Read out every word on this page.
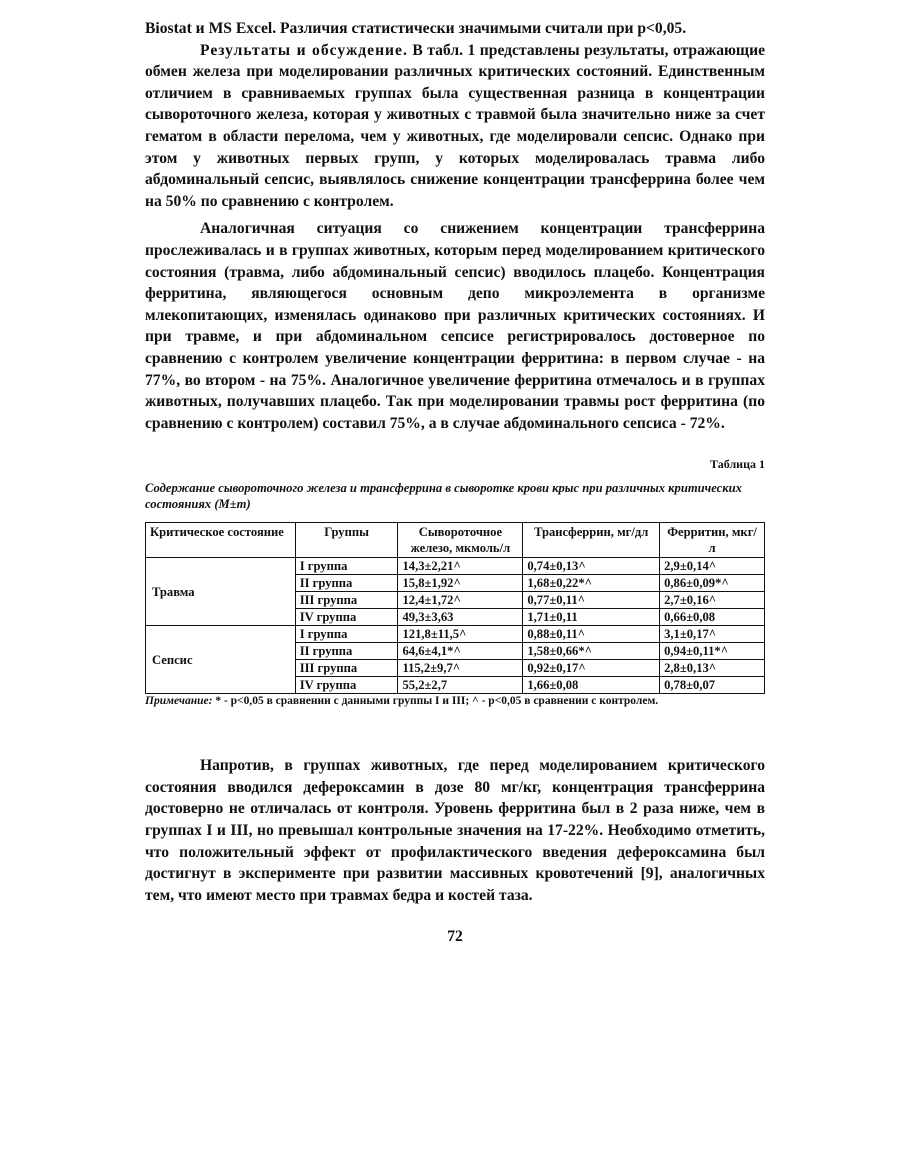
Biostat и MS Excel. Различия статистически значимыми считали при p<0,05.

Результаты и обсуждение. В табл. 1 представлены результаты, отражающие обмен железа при моделировании различных критических состояний. Единственным отличием в сравниваемых группах была существенная разница в концентрации сывороточного железа, которая у животных с травмой была значительно ниже за счет гематом в области перелома, чем у животных, где моделировали сепсис. Однако при этом у животных первых групп, у которых моделировалась травма либо абдоминальный сепсис, выявлялось снижение концентрации трансферрина более чем на 50% по сравнению с контролем.

Аналогичная ситуация со снижением концентрации трансферрина прослеживалась и в группах животных, которым перед моделированием критического состояния (травма, либо абдоминальный сепсис) вводилось плацебо. Концентрация ферритина, являющегося основным депо микроэлемента в организме млекопитающих, изменялась одинаково при различных критических состояниях. И при травме, и при абдоминальном сепсисе регистрировалось достоверное по сравнению с контролем увеличение концентрации ферритина: в первом случае - на 77%, во втором - на 75%. Аналогичное увеличение ферритина отмечалось и в группах животных, получавших плацебо. Так при моделировании травмы рост ферритина (по сравнению с контролем) составил 75%, а в случае абдоминального сепсиса - 72%.

Таблица 1
Содержание сывороточного железа и трансферрина в сыворотке крови крыс при различных критических состояниях (M±m)
Критическое состояние	Группы	Сывороточное железо, мкмоль/л	Трансферрин, мг/дл	Ферритин, мкг/л
Травма	I группа	14,3±2,21^	0,74±0,13^	2,9±0,14^
	II группа	15,8±1,92^	1,68±0,22*^	0,86±0,09*^
	III группа	12,4±1,72^	0,77±0,11^	2,7±0,16^
	IV группа	49,3±3,63	1,71±0,11	0,66±0,08
Сепсис	I группа	121,8±11,5^	0,88±0,11^	3,1±0,17^
	II группа	64,6±4,1*^	1,58±0,66*^	0,94±0,11*^
	III группа	115,2±9,7^	0,92±0,17^	2,8±0,13^
	IV группа	55,2±2,7	1,66±0,08	0,78±0,07
Примечание: * - p<0,05 в сравнении с данными группы I и III; ^ - p<0,05 в сравнении с контролем.

Напротив, в группах животных, где перед моделированием критического состояния вводился дефероксамин в дозе 80 мг/кг, концентрация трансферрина достоверно не отличалась от контроля. Уровень ферритина был в 2 раза ниже, чем в группах I и III, но превышал контрольные значения на 17-22%. Необходимо отметить, что положительный эффект от профилактического введения дефероксамина был достигнут в эксперименте при развитии массивных кровотечений [9], аналогичных тем, что имеют место при травмах бедра и костей таза.

72
